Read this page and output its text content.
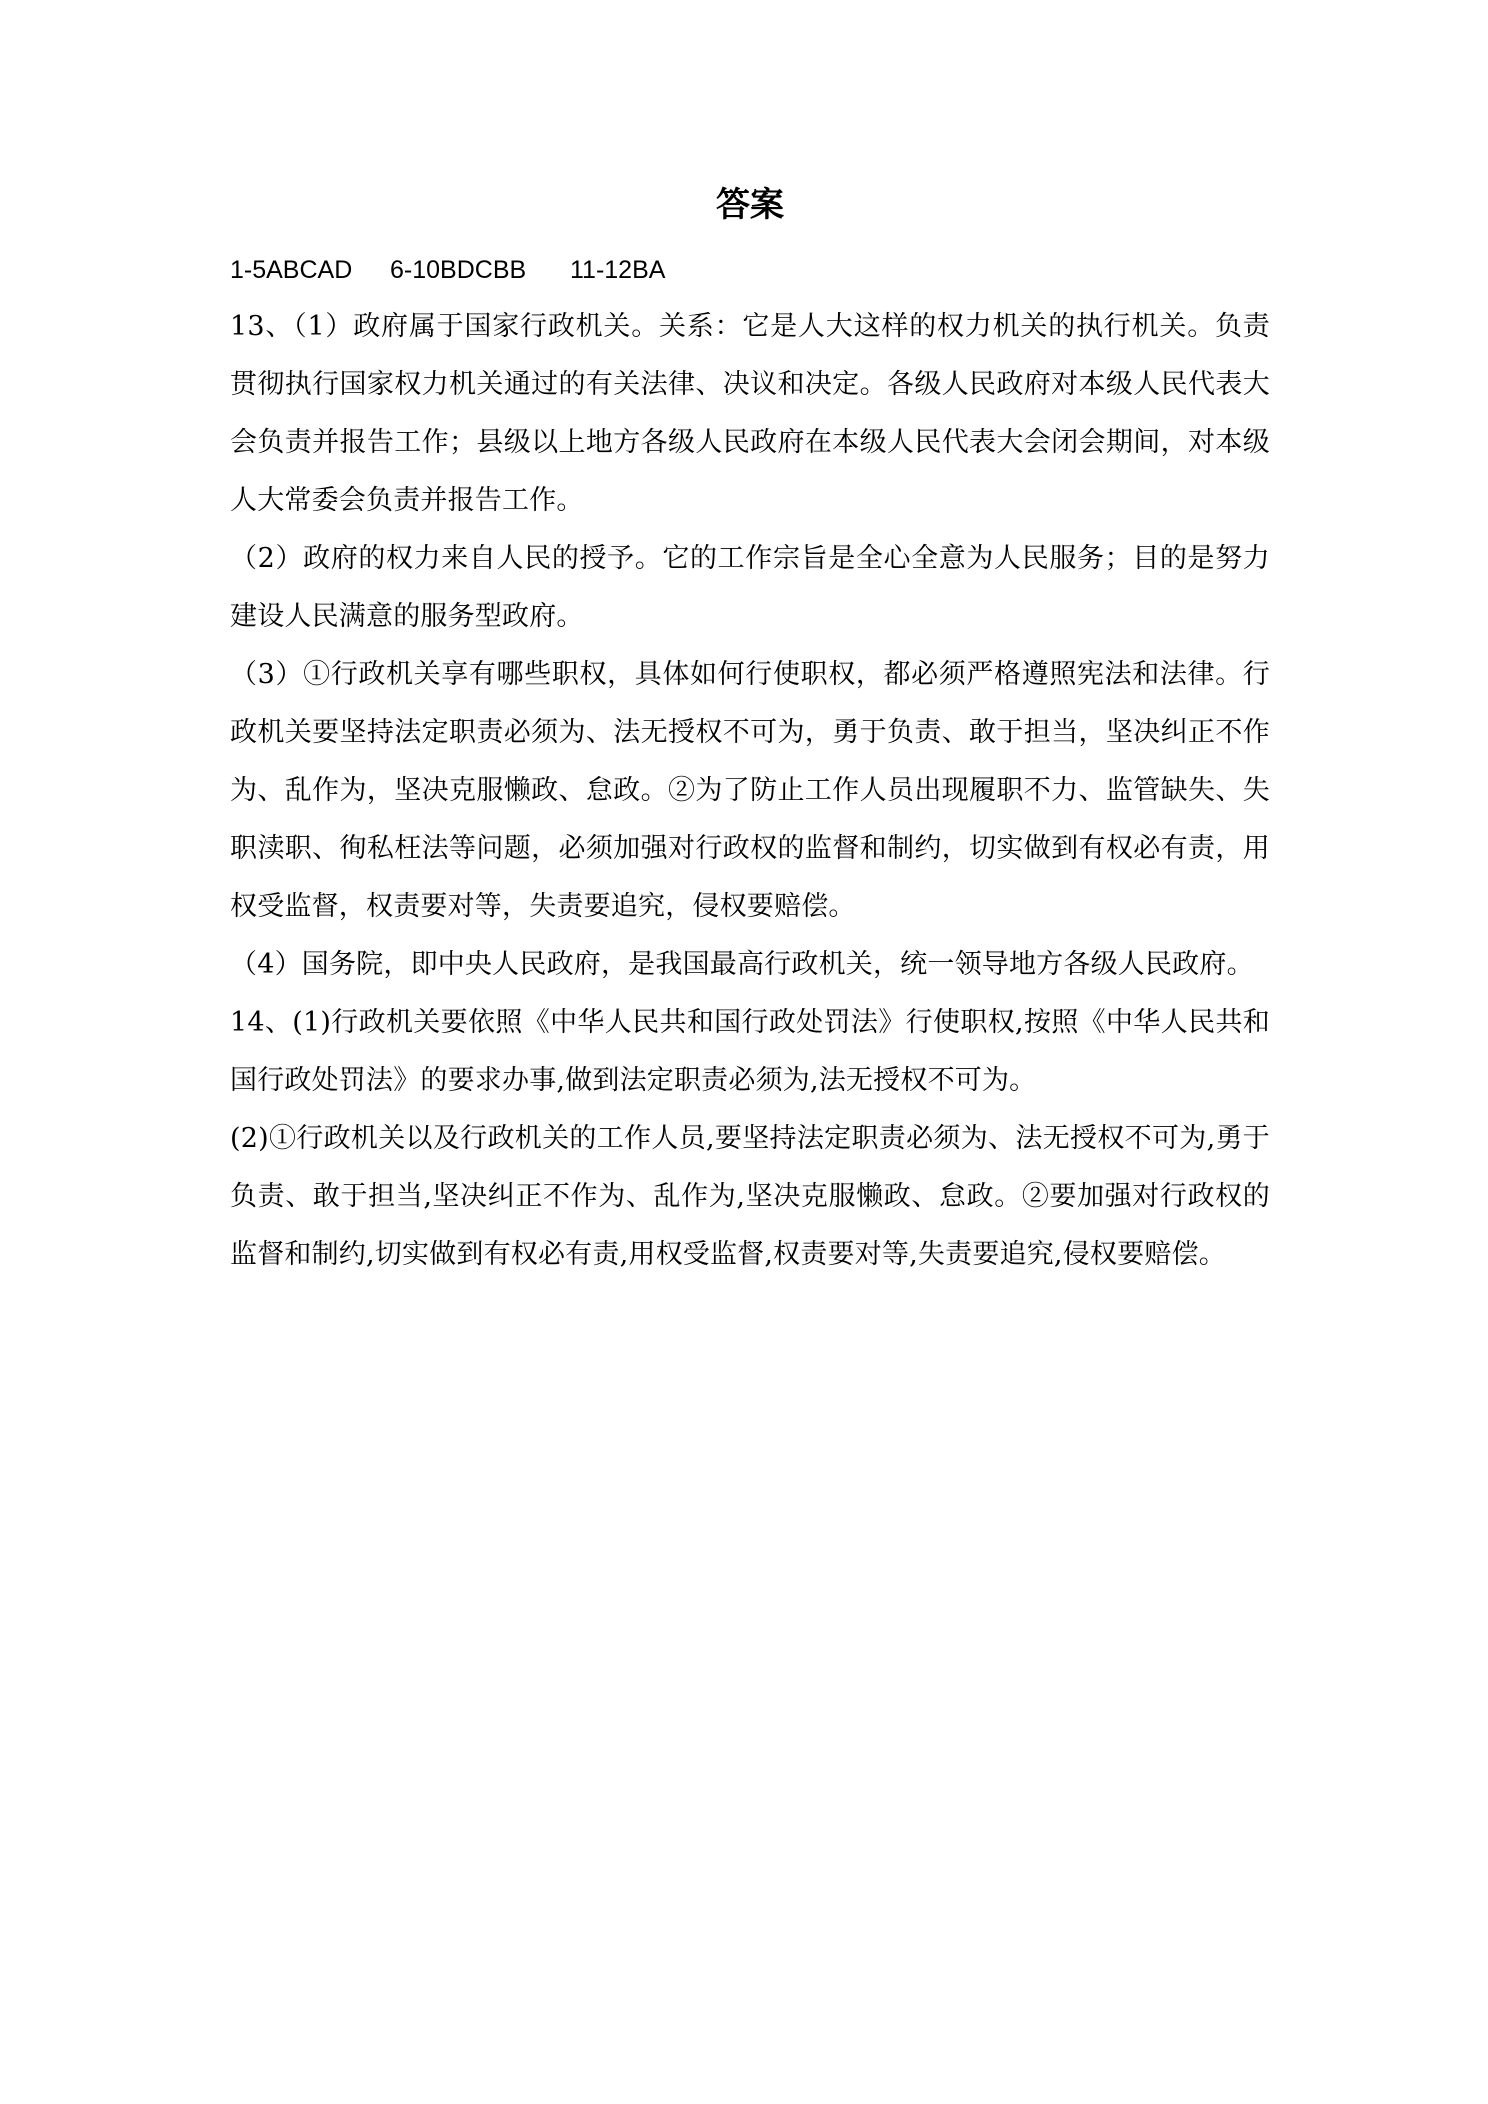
答案
1-5ABCAD	6-10BDCBB	11-12BA

13、（1）政府属于国家行政机关。关系：它是人大这样的权力机关的执行机关。负责贯彻执行国家权力机关通过的有关法律、决议和决定。各级人民政府对本级人民代表大会负责并报告工作；县级以上地方各级人民政府在本级人民代表大会闭会期间，对本级人大常委会负责并报告工作。

（2）政府的权力来自人民的授予。它的工作宗旨是全心全意为人民服务；目的是努力建设人民满意的服务型政府。

（3）①行政机关享有哪些职权，具体如何行使职权，都必须严格遵照宪法和法律。行政机关要坚持法定职责必须为、法无授权不可为，勇于负责、敢于担当，坚决纠正不作为、乱作为，坚决克服懒政、怠政。②为了防止工作人员出现履职不力、监管缺失、失职渎职、徇私枉法等问题，必须加强对行政权的监督和制约，切实做到有权必有责，用权受监督，权责要对等，失责要追究，侵权要赔偿。

（4）国务院，即中央人民政府，是我国最高行政机关，统一领导地方各级人民政府。

14、(1)行政机关要依照《中华人民共和国行政处罚法》行使职权,按照《中华人民共和国行政处罚法》的要求办事,做到法定职责必须为,法无授权不可为。

(2)①行政机关以及行政机关的工作人员,要坚持法定职责必须为、法无授权不可为,勇于负责、敢于担当,坚决纠正不作为、乱作为,坚决克服懒政、怠政。②要加强对行政权的监督和制约,切实做到有权必有责,用权受监督,权责要对等,失责要追究,侵权要赔偿。
